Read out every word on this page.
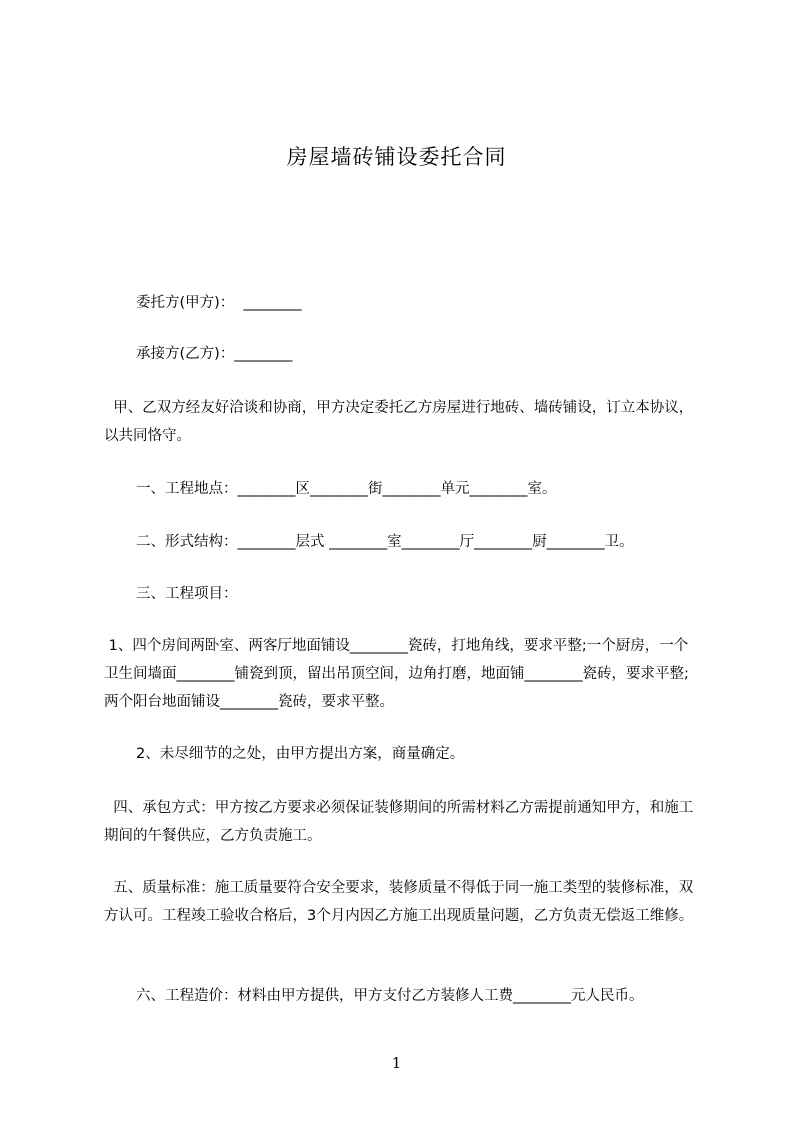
房屋墙砖铺设委托合同
委托方(甲方)：  ________
承接方(乙方)：________
甲、乙双方经友好洽谈和协商，甲方决定委托乙方房屋进行地砖、墙砖铺设，订立本协议，以共同恪守。
一、工程地点：________区________街________单元________室。
二、形式结构：________层式 ________室________厅________厨________卫。
三、工程项目：
1、四个房间两卧室、两客厅地面铺设________瓷砖，打地角线，要求平整;一个厨房，一个卫生间墙面________铺瓷到顶，留出吊顶空间，边角打磨，地面铺________瓷砖，要求平整;两个阳台地面铺设________瓷砖，要求平整。
2、未尽细节的之处，由甲方提出方案，商量确定。
四、承包方式：甲方按乙方要求必须保证装修期间的所需材料乙方需提前通知甲方，和施工期间的午餐供应，乙方负责施工。
五、质量标准：施工质量要符合安全要求，装修质量不得低于同一施工类型的装修标准，双方认可。工程竣工验收合格后，3个月内因乙方施工出现质量问题，乙方负责无偿返工维修。
六、工程造价：材料由甲方提供，甲方支付乙方装修人工费________元人民币。
1
